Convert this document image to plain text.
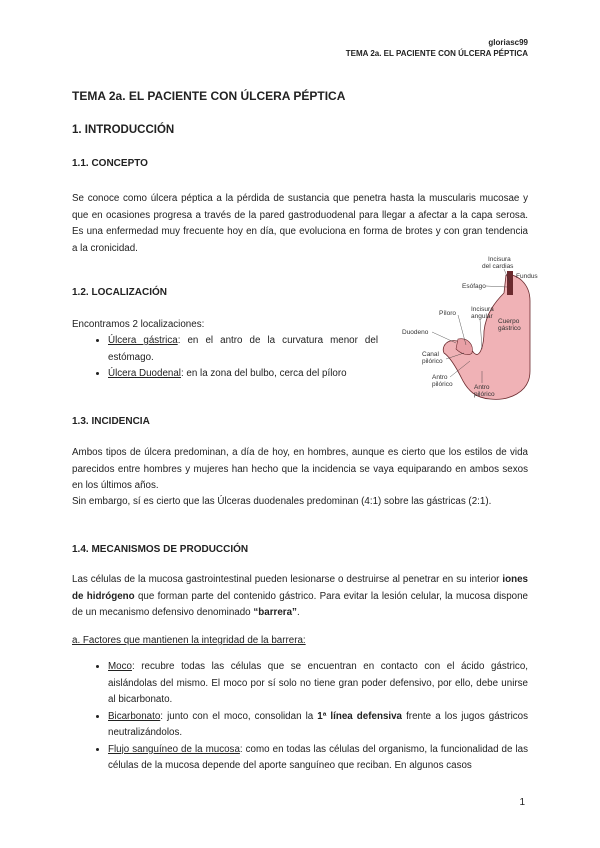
gloriasc99
TEMA 2a. EL PACIENTE CON ÚLCERA PÉPTICA
TEMA 2a. EL PACIENTE CON ÚLCERA PÉPTICA
1. INTRODUCCIÓN
1.1. CONCEPTO

Se conoce como úlcera péptica a la pérdida de sustancia que penetra hasta la muscularis mucosae y que en ocasiones progresa a través de la pared gastroduodenal para llegar a afectar a la capa serosa. Es una enfermedad muy frecuente hoy en día, que evoluciona en forma de brotes y con gran tendencia a la cronicidad.

1.2. LOCALIZACIÓN

Encontramos 2 localizaciones:

• Úlcera gástrica: en el antro de la curvatura menor del estómago.
• Úlcera Duodenal: en la zona del bulbo, cerca del píloro
Incisura
del cardias
Fundus
Esófago
Píloro
Incisura
angular
Duodeno
Cuerpo
gástrico
Canal
pilórico
Antro
pilórico	Antro
pilórico
1.3. INCIDENCIA

Ambos tipos de úlcera predominan, a día de hoy, en hombres, aunque es cierto que los estilos de vida parecidos entre hombres y mujeres han hecho que la incidencia se vaya equiparando en ambos sexos en los últimos años.

Sin embargo, sí es cierto que las Úlceras duodenales predominan (4:1) sobre las gástricas (2:1).

1.4. MECANISMOS DE PRODUCCIÓN

Las células de la mucosa gastrointestinal pueden lesionarse o destruirse al penetrar en su interior iones de hidrógeno que forman parte del contenido gástrico. Para evitar la lesión celular, la mucosa dispone de un mecanismo defensivo denominado “barrera”.

a. Factores que mantienen la integridad de la barrera:

• Moco: recubre todas las células que se encuentran en contacto con el ácido gástrico, aislándolas del mismo. El moco por sí solo no tiene gran poder defensivo, por ello, debe unirse al bicarbonato.
• Bicarbonato: junto con el moco, consolidan la 1ª línea defensiva frente a los jugos gástricos neutralizándolos.
• Flujo sanguíneo de la mucosa: como en todas las células del organismo, la funcionalidad de las células de la mucosa depende del aporte sanguíneo que reciban. En algunos casos
1
